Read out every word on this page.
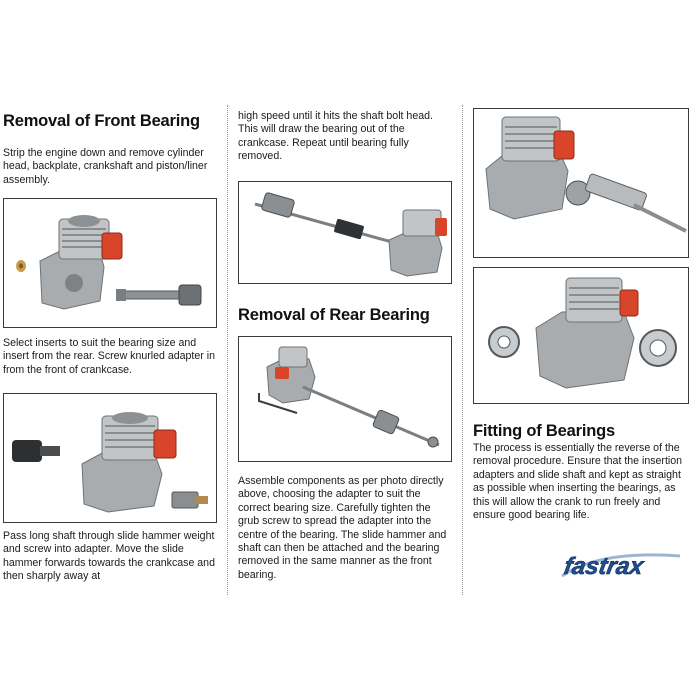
Removal of Front Bearing
Strip the engine down and remove cylinder head, backplate, crankshaft and piston/liner assembly.
Select inserts to suit the bearing size and insert from the rear. Screw knurled adapter in from the front of crankcase.
Pass long shaft through slide hammer weight and screw into adapter. Move the slide hammer forwards towards the crankcase and then sharply away at
high speed until it hits the shaft bolt head. This will draw the bearing out of the crankcase. Repeat until bearing fully removed.
Removal of Rear Bearing
Assemble components as per photo directly above, choosing the adapter to suit the correct bearing size. Carefully tighten the grub screw to spread the adapter into the centre of the bearing. The slide hammer and shaft can then be attached and the bearing removed in the same manner as the front bearing.
Fitting of Bearings
The process is essentially the reverse of the removal procedure. Ensure that the insertion adapters and slide shaft and kept as straight as possible when inserting the bearings, as this will allow the crank to run freely and ensure good bearing life.
fastrax
